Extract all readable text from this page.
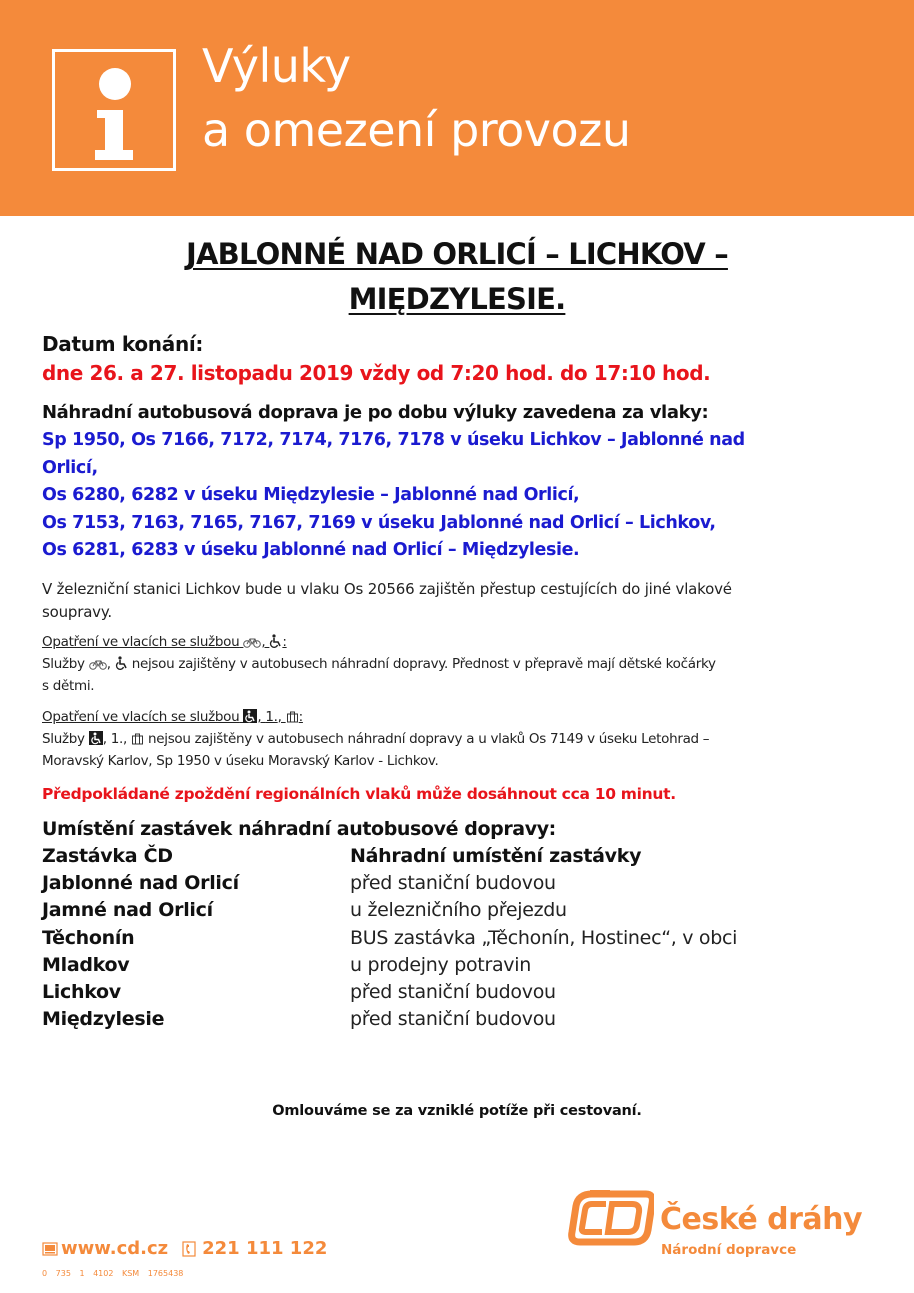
Výluky
a omezení provozu
JABLONNÉ NAD ORLICÍ – LICHKOV –
MIĘDZYLESIE.
Datum konání:
dne 26. a 27. listopadu 2019 vždy od 7:20 hod. do 17:10 hod.
Náhradní autobusová doprava je po dobu výluky zavedena za vlaky:
Sp 1950, Os 7166, 7172, 7174, 7176, 7178 v úseku Lichkov – Jablonné nad
Orlicí,
Os 6280, 6282 v úseku Międzylesie – Jablonné nad Orlicí,
Os 7153, 7163, 7165, 7167, 7169 v úseku Jablonné nad Orlicí – Lichkov,
Os 6281, 6283 v úseku Jablonné nad Orlicí – Międzylesie.
V železniční stanici Lichkov bude u vlaku Os 20566 zajištěn přestup cestujících do jiné vlakové
soupravy.
Opatření ve vlacích se službou , :
Služby ,  nejsou zajištěny v autobusech náhradní dopravy. Přednost v přepravě mají dětské kočárky
s dětmi.
Opatření ve vlacích se službou , 1., :
Služby , 1.,  nejsou zajištěny v autobusech náhradní dopravy a u vlaků Os 7149 v úseku Letohrad –
Moravský Karlov, Sp 1950 v úseku Moravský Karlov - Lichkov.
Předpokládané zpoždění regionálních vlaků může dosáhnout cca 10 minut.
Umístění zastávek náhradní autobusové dopravy:
Zastávka ČD	Náhradní umístění zastávky
Jablonné nad Orlicí	před staniční budovou
Jamné nad Orlicí	u železničního přejezdu
Těchonín	BUS zastávka „Těchonín, Hostinec“, v obci
Mladkov	u prodejny potravin
Lichkov	před staniční budovou
Międzylesie	před staniční budovou
Omlouváme se za vzniklé potíže při cestovaní.
www.cd.cz 221 111 122
0 735 1 4102 KSM 1765438
České dráhy
Národní dopravce
